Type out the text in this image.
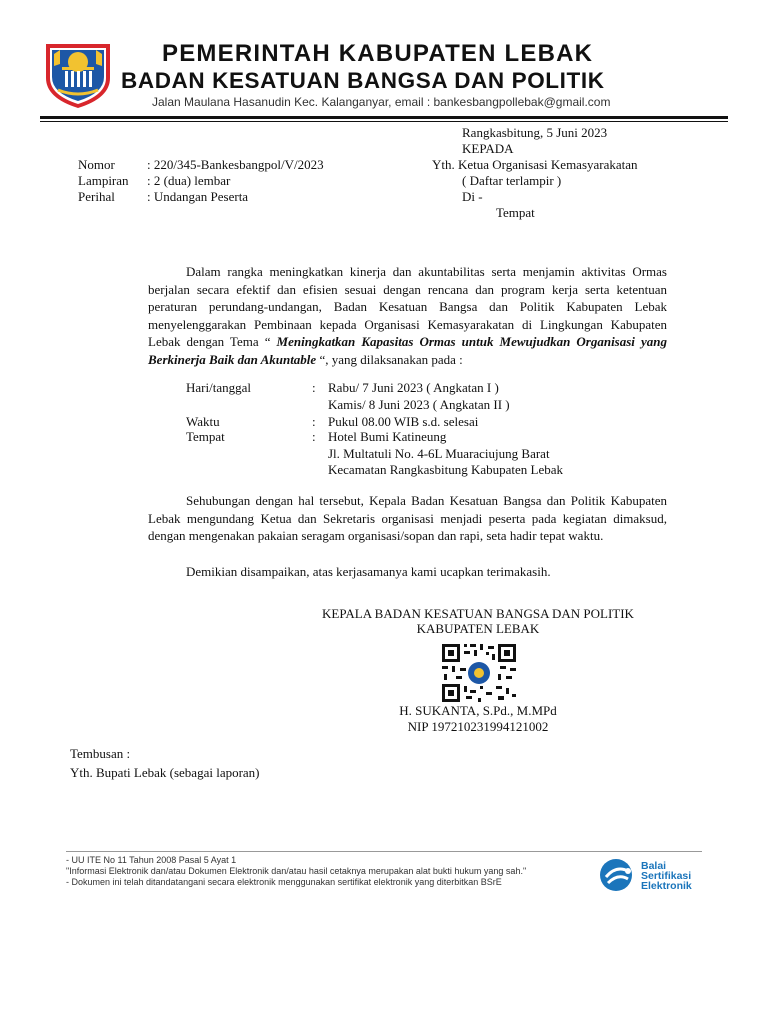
PEMERINTAH KABUPATEN LEBAK
BADAN KESATUAN BANGSA DAN POLITIK
Jalan Maulana Hasanudin Kec. Kalanganyar, email : bankesbangpollebak@gmail.com
Rangkasbitung, 5 Juni 2023
KEPADA
Nomor : 220/345-Bankesbangpol/V/2023
Lampiran : 2 (dua) lembar
Perihal : Undangan Peserta
Yth. Ketua Organisasi Kemasyarakatan
( Daftar terlampir )
Di -
Tempat

Dalam rangka meningkatkan kinerja dan akuntabilitas serta menjamin aktivitas Ormas berjalan secara efektif dan efisien sesuai dengan rencana dan program kerja serta ketentuan peraturan perundang-undangan, Badan Kesatuan Bangsa dan Politik Kabupaten Lebak menyelenggarakan Pembinaan kepada Organisasi Kemasyarakatan di Lingkungan Kabupaten Lebak dengan Tema “ Meningkatkan Kapasitas Ormas untuk Mewujudkan Organisasi yang Berkinerja Baik dan Akuntable “, yang dilaksanakan pada :

Hari/tanggal	: Rabu/ 7 Juni 2023 ( Angkatan I )
Kamis/ 8 Juni 2023 ( Angkatan II )
Waktu	: Pukul 08.00 WIB s.d. selesai
Tempat	: Hotel Bumi Katineung
Jl. Multatuli No. 4-6L Muaraciujung Barat
Kecamatan Rangkasbitung Kabupaten Lebak

Sehubungan dengan hal tersebut, Kepala Badan Kesatuan Bangsa dan Politik Kabupaten Lebak mengundang Ketua dan Sekretaris organisasi menjadi peserta pada kegiatan dimaksud, dengan mengenakan pakaian seragam organisasi/sopan dan rapi, seta hadir tepat waktu.

Demikian disampaikan, atas kerjasamanya kami ucapkan terimakasih.
KEPALA BADAN KESATUAN BANGSA DAN POLITIK
KABUPATEN LEBAK
H. SUKANTA, S.Pd., M.MPd
NIP 197210231994121002
Tembusan :
Yth. Bupati Lebak (sebagai laporan)
- UU ITE No 11 Tahun 2008 Pasal 5 Ayat 1
"Informasi Elektronik dan/atau Dokumen Elektronik dan/atau hasil cetaknya merupakan alat bukti hukum yang sah."
- Dokumen ini telah ditandatangani secara elektronik menggunakan sertifikat elektronik yang diterbitkan BSrE
Balai
Sertifikasi
Elektronik
